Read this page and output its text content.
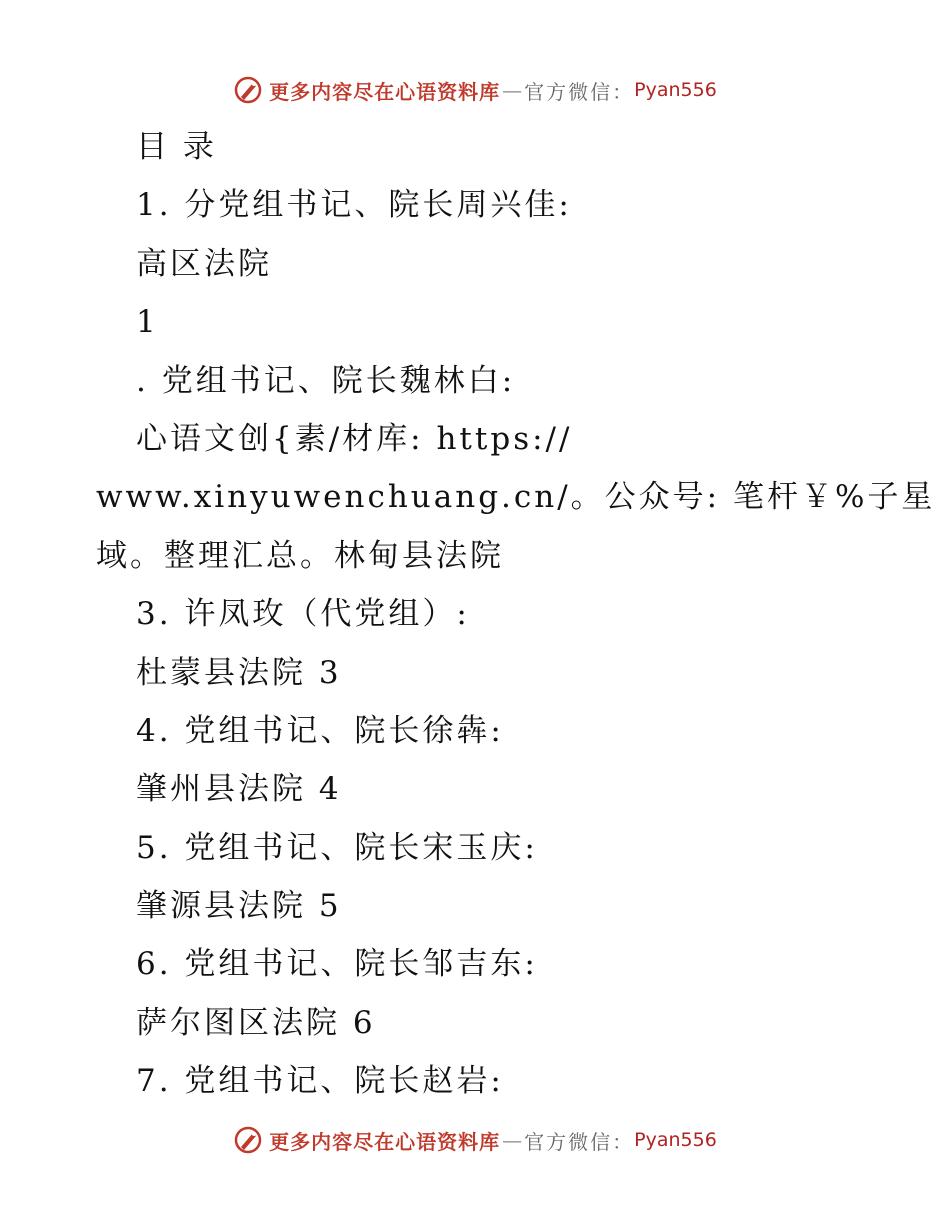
更多内容尽在心语资料库 — 官方微信： Pyan556
目 录
1. 分党组书记、院长周兴佳:
高区法院
1
. 党组书记、院长魏林白:
心语文创{素/材库: https://
www.xinyuwenchuang.cn/。公众号: 笔杆￥%子星
域。整理汇总。林甸县法院
3. 许凤玫（代党组）:
杜蒙县法院 3
4. 党组书记、院长徐犇:
肇州县法院 4
5. 党组书记、院长宋玉庆:
肇源县法院 5
6. 党组书记、院长邹吉东:
萨尔图区法院 6
7. 党组书记、院长赵岩:
更多内容尽在心语资料库 — 官方微信： Pyan556
